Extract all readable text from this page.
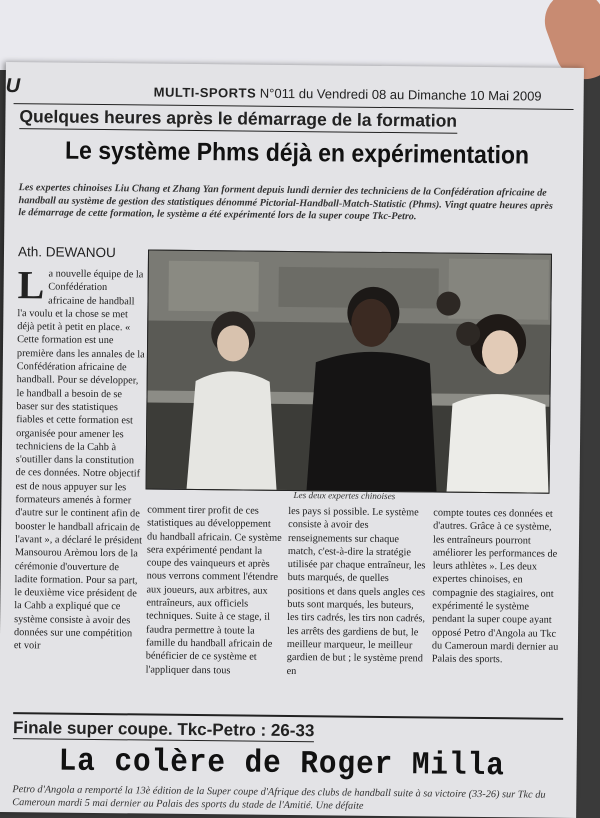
U	MULTI-SPORTS N°011 du Vendredi 08 au Dimanche 10 Mai 2009
Quelques heures après le démarrage de la formation
Le système Phms déjà en expérimentation
Les expertes chinoises Liu Chang et Zhang Yan forment depuis lundi dernier des techniciens de la Confédération africaine de handball au système de gestion des statistiques dénommé Pictorial-Handball-Match-Statistic (Phms). Vingt quatre heures après le démarrage de cette formation, le système a été expérimenté lors de la super coupe Tkc-Petro.
Ath. DEWANOU
La nouvelle équipe de la Confédération africaine de handball l'a voulu et la chose se met déjà petit à petit en place. « Cette formation est une première dans les annales de la Confédération africaine de handball. Pour se développer, le handball a besoin de se baser sur des statistiques fiables et cette formation est organisée pour amener les techniciens de la Cahb à s'outiller dans la constitution de ces données. Notre objectif est de nous appuyer sur les formateurs amenés à former d'autre sur le continent afin de booster le handball africain de l'avant », a déclaré le président Mansourou Arèmou lors de la cérémonie d'ouverture de ladite formation. Pour sa part, le deuxième vice président de la Cahb a expliqué que ce système consiste à avoir des données sur une compétition et voir
Les deux expertes chinoises
comment tirer profit de ces statistiques au développement du handball africain. Ce système sera expérimenté pendant la coupe des vainqueurs et après nous verrons comment l'étendre aux joueurs, aux arbitres, aux entraîneurs, aux officiels techniques. Suite à ce stage, il faudra permettre à toute la famille du handball africain de bénéficier de ce système et l'appliquer dans tous
les pays si possible. Le système consiste à avoir des renseignements sur chaque match, c'est-à-dire la stratégie utilisée par chaque entraîneur, les buts marqués, de quelles positions et dans quels angles ces buts sont marqués, les buteurs, les tirs cadrés, les tirs non cadrés, les arrêts des gardiens de but, le meilleur marqueur, le meilleur gardien de but ; le système prend en
compte toutes ces données et d'autres. Grâce à ce système, les entraîneurs pourront améliorer les performances de leurs athlètes ». Les deux expertes chinoises, en compagnie des stagiaires, ont expérimenté le système pendant la super coupe ayant opposé Petro d'Angola au Tkc du Cameroun mardi dernier au Palais des sports.
Finale super coupe. Tkc-Petro : 26-33
La colère de Roger Milla
Petro d'Angola a remporté la 13è édition de la Super coupe d'Afrique des clubs de handball suite à sa victoire (33-26) sur Tkc du Cameroun mardi 5 mai dernier au Palais des sports du stade de l'Amitié. Une défaite
